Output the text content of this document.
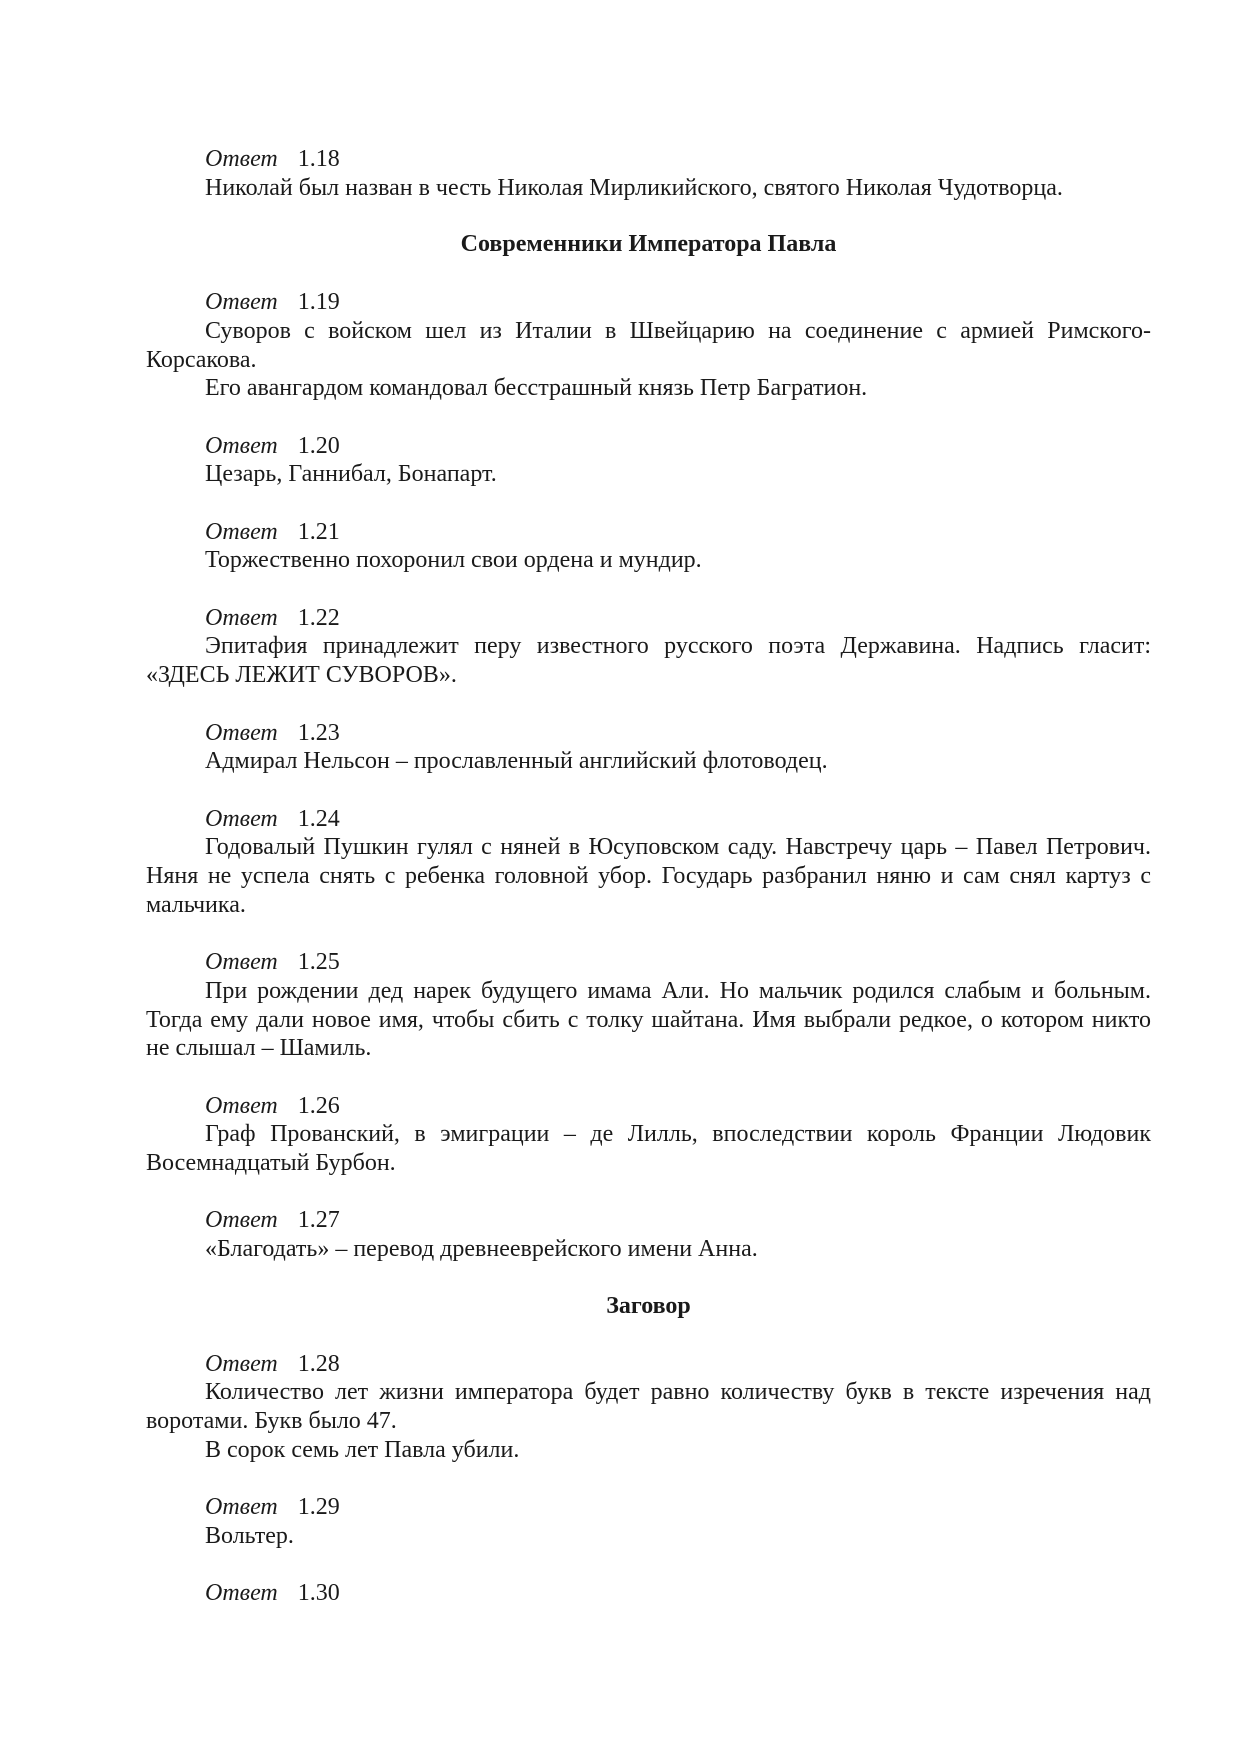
Ответ 1.18

Николай был назван в честь Николая Мирликийского, святого Николая Чудотворца.

Современники Императора Павла
Ответ 1.19

Суворов с войском шел из Италии в Швейцарию на соединение с армией Римского-Корсакова.

Его авангардом командовал бесстрашный князь Петр Багратион.

Ответ 1.20

Цезарь, Ганнибал, Бонапарт.

Ответ 1.21

Торжественно похоронил свои ордена и мундир.

Ответ 1.22

Эпитафия принадлежит перу известного русского поэта Державина. Надпись гласит: «ЗДЕСЬ ЛЕЖИТ СУВОРОВ».

Ответ 1.23

Адмирал Нельсон – прославленный английский флотоводец.

Ответ 1.24

Годовалый Пушкин гулял с няней в Юсуповском саду. Навстречу царь – Павел Петрович. Няня не успела снять с ребенка головной убор. Государь разбранил няню и сам снял картуз с мальчика.

Ответ 1.25

При рождении дед нарек будущего имама Али. Но мальчик родился слабым и больным. Тогда ему дали новое имя, чтобы сбить с толку шайтана. Имя выбрали редкое, о котором никто не слышал – Шамиль.

Ответ 1.26

Граф Прованский, в эмиграции – де Лилль, впоследствии король Франции Людовик Восемнадцатый Бурбон.

Ответ 1.27

«Благодать» – перевод древнееврейского имени Анна.

Заговор
Ответ 1.28

Количество лет жизни императора будет равно количеству букв в тексте изречения над воротами. Букв было 47.

В сорок семь лет Павла убили.

Ответ 1.29

Вольтер.

Ответ 1.30
